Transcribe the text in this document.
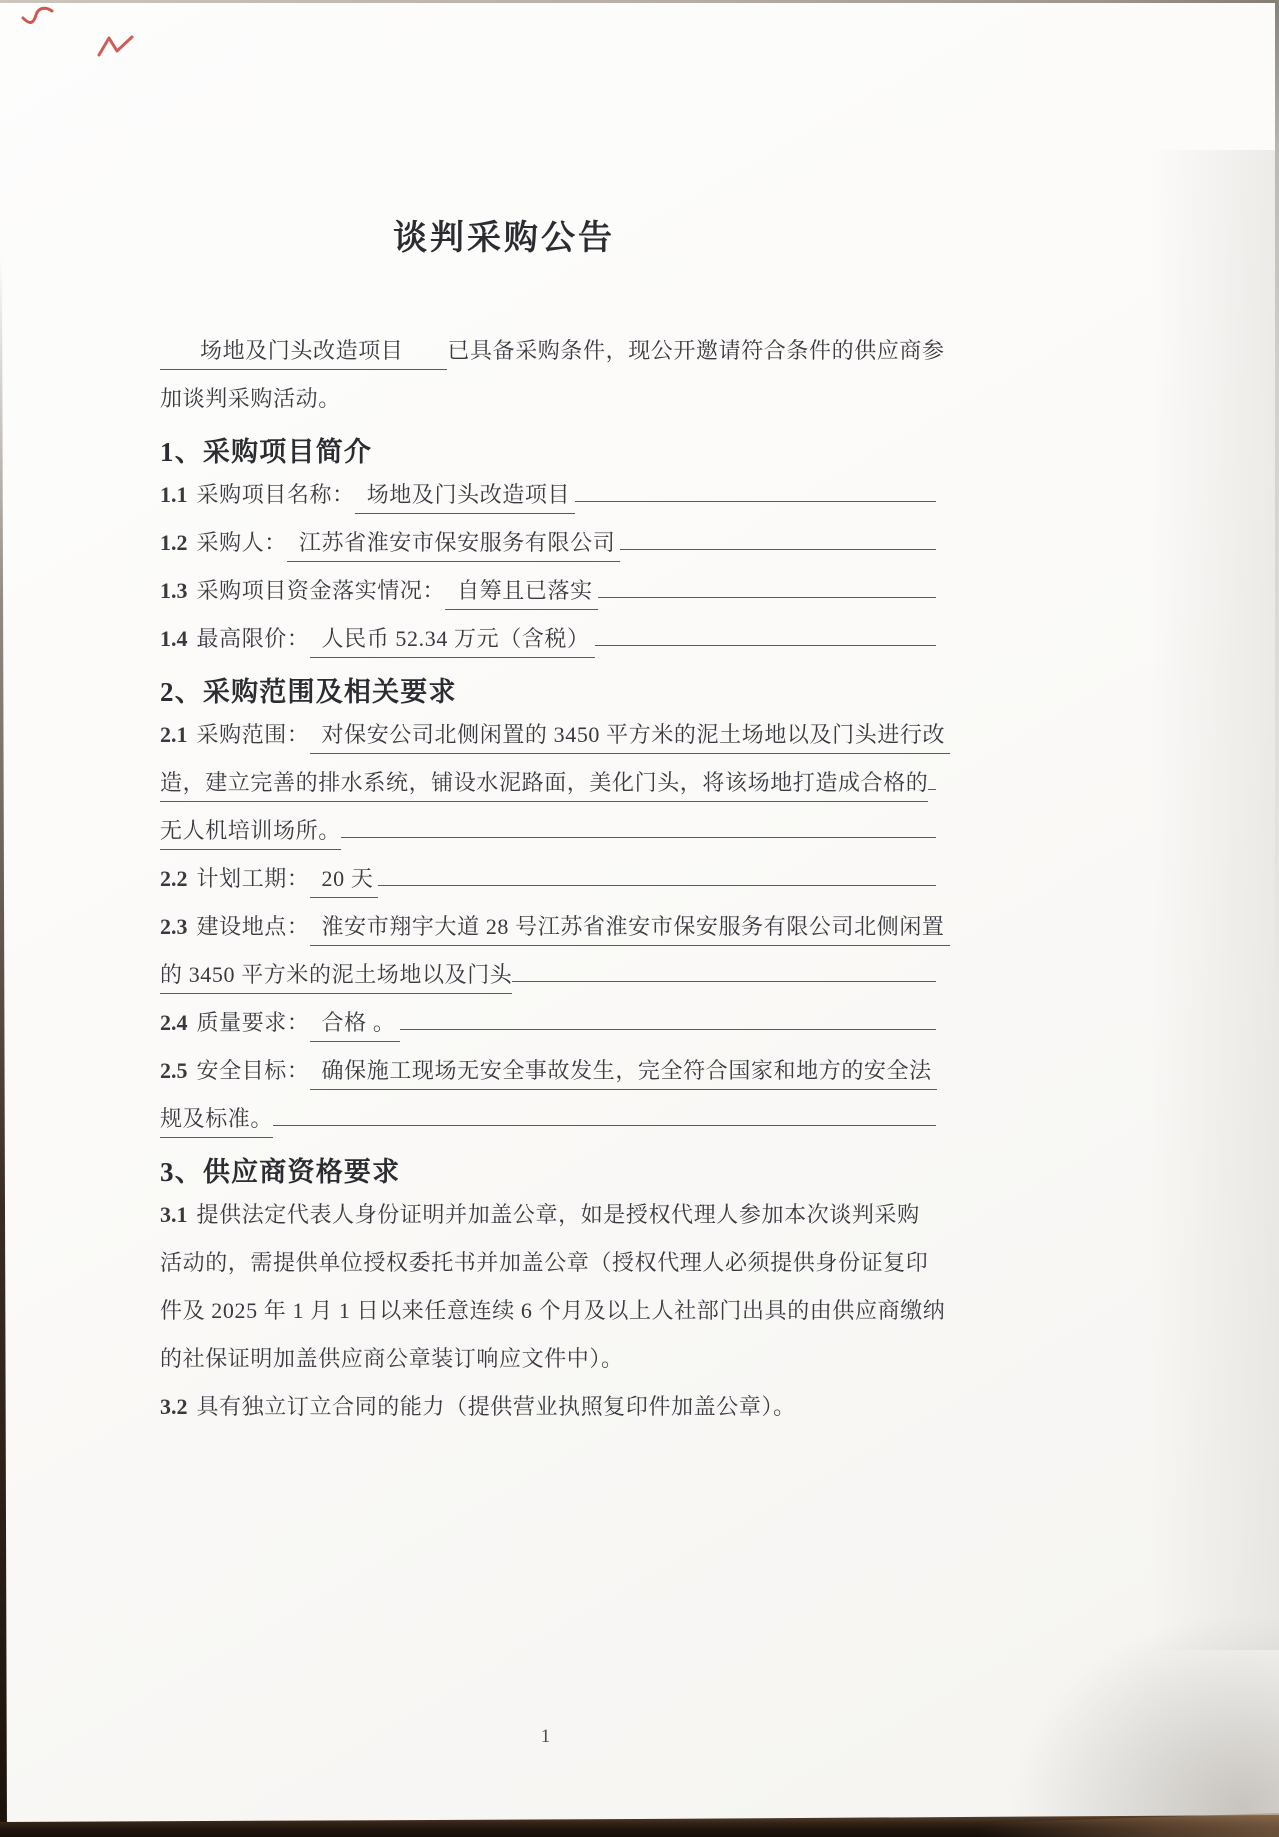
谈判采购公告
场地及门头改造项目	已具备采购条件，现公开邀请符合条件的供应商参
加谈判采购活动。
1、采购项目简介
1.1 采购项目名称： 场地及门头改造项目
1.2 采购人： 江苏省淮安市保安服务有限公司
1.3 采购项目资金落实情况： 自筹且已落实
1.4 最高限价： 人民币 52.34 万元（含税）
2、采购范围及相关要求
2.1 采购范围： 对保安公司北侧闲置的 3450 平方米的泥土场地以及门头进行改
造，建立完善的排水系统，铺设水泥路面，美化门头，将该场地打造成合格的
无人机培训场所。
2.2 计划工期： 20 天
2.3 建设地点： 淮安市翔宇大道 28 号江苏省淮安市保安服务有限公司北侧闲置
的 3450 平方米的泥土场地以及门头
2.4 质量要求： 合格 。
2.5 安全目标： 确保施工现场无安全事故发生，完全符合国家和地方的安全法
规及标准。
3、供应商资格要求
3.1 提供法定代表人身份证明并加盖公章，如是授权代理人参加本次谈判采购
活动的，需提供单位授权委托书并加盖公章（授权代理人必须提供身份证复印
件及 2025 年 1 月 1 日以来任意连续 6 个月及以上人社部门出具的由供应商缴纳
的社保证明加盖供应商公章装订响应文件中）。
3.2 具有独立订立合同的能力（提供营业执照复印件加盖公章）。
1
